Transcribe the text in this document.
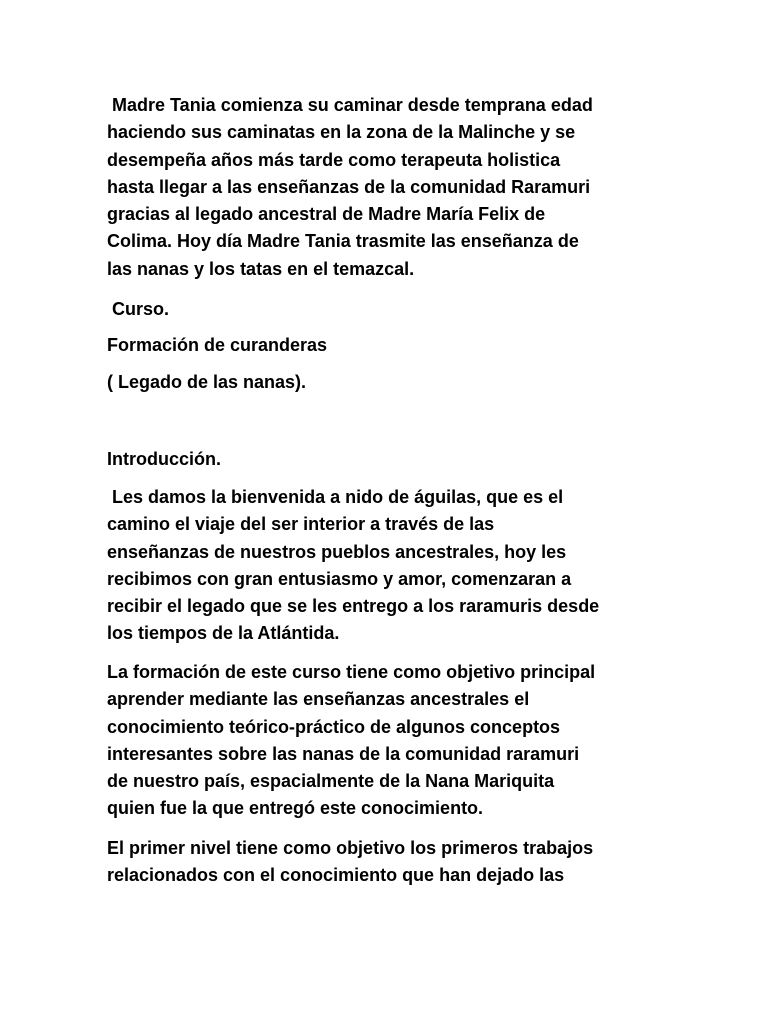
Madre Tania comienza su caminar desde temprana edad
haciendo sus caminatas en la zona de la Malinche y se
desempeña años más tarde como terapeuta holistica
hasta llegar a las enseñanzas de la comunidad Raramuri
gracias al legado ancestral de Madre María Felix de
Colima. Hoy día Madre Tania trasmite las enseñanza de
las nanas y los tatas en el temazcal.

Curso.

Formación de curanderas

( Legado de las nanas).

Introducción.

Les damos la bienvenida a nido de águilas, que es el
camino el viaje del ser interior a través de las
enseñanzas de nuestros pueblos ancestrales, hoy les
recibimos con gran entusiasmo y amor, comenzaran a
recibir el legado que se les entrego a los raramuris desde
los tiempos de la Atlántida.

La formación de este curso tiene como objetivo principal
aprender mediante las enseñanzas ancestrales el
conocimiento teórico-práctico de algunos conceptos
interesantes sobre las nanas de la comunidad raramuri
de nuestro país, espacialmente de la Nana Mariquita
quien fue la que entregó este conocimiento.

El primer nivel tiene como objetivo los primeros trabajos
relacionados con el conocimiento que han dejado las
